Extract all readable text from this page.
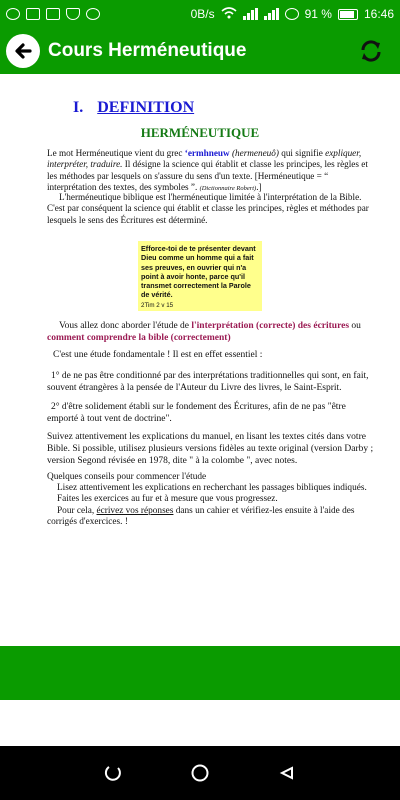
0B/s	91 %	16:46
Cours Herméneutique
I. DEFINITION
HERMÉNEUTIQUE
Le mot Herméneutique vient du grec ‘ermhneuw (hermeneuô) qui signifie expliquer, interpréter, traduire. Il désigne la science qui établit et classe les principes, les règles et les méthodes par lesquels on s'assure du sens d'un texte. [Herméneutique = “ interprétation des textes, des symboles ”. (Dictionnaire Robert).]
L'herméneutique biblique est l'herméneutique limitée à l'interprétation de la Bible. C'est par conséquent la science qui établit et classe les principes, règles et méthodes par lesquels le sens des Écritures est déterminé.
Efforce-toi de te présenter devant Dieu comme un homme qui a fait ses preuves, en ouvrier qui n'a point à avoir honte, parce qu'il transmet correctement la Parole de vérité.
2Tim 2 v 15
Vous allez donc aborder l'étude de l'interprétation (correcte) des écritures ou comment comprendre la bible (correctement)
C'est une étude fondamentale ! Il est en effet essentiel :
1° de ne pas être conditionné par des interprétations traditionnelles qui sont, en fait, souvent étrangères à la pensée de l'Auteur du Livre des livres, le Saint-Esprit.
2° d'être solidement établi sur le fondement des Écritures, afin de ne pas "être emporté à tout vent de doctrine".
Suivez attentivement les explications du manuel, en lisant les textes cités dans votre Bible. Si possible, utilisez plusieurs versions fidèles au texte original (version Darby ; version Segond révisée en 1978, dite " à la colombe ", avec notes.
Quelques conseils pour commencer l'étude
Lisez attentivement les explications en recherchant les passages bibliques indiqués.
Faites les exercices au fur et à mesure que vous progressez.
Pour cela, écrivez vos réponses dans un cahier et vérifiez-les ensuite à l'aide des corrigés d'exercices. !
